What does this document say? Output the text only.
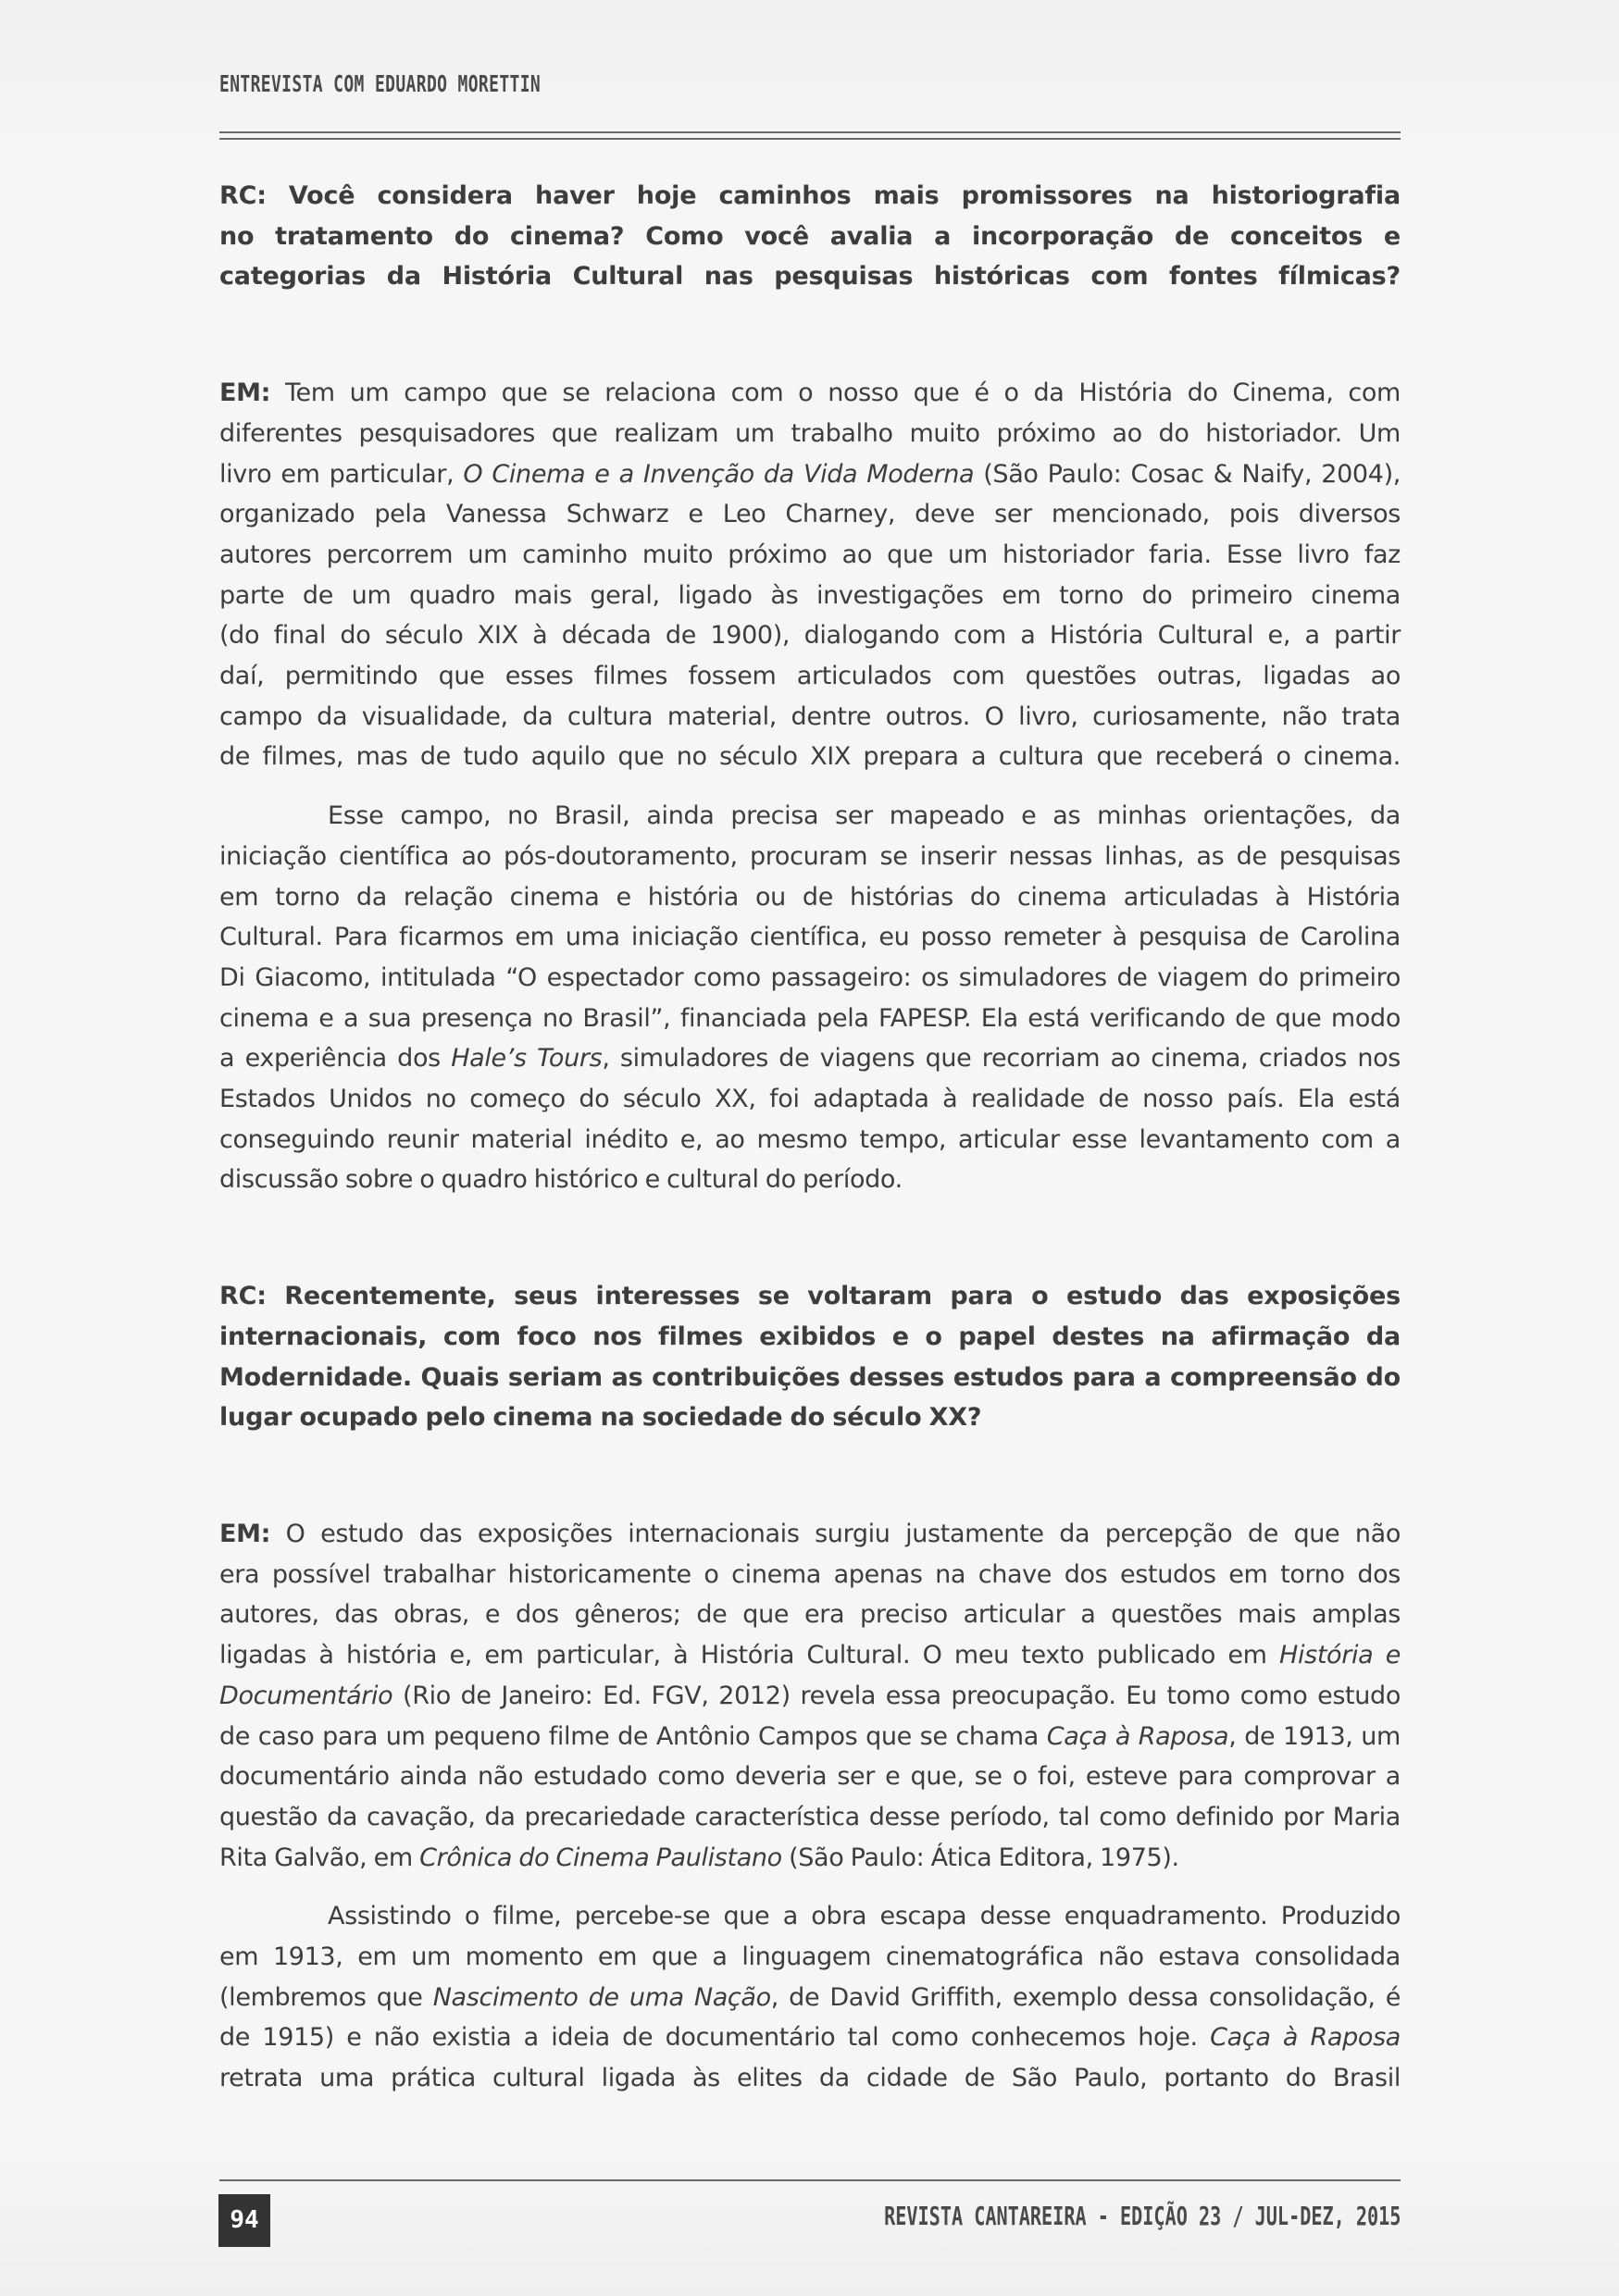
ENTREVISTA COM EDUARDO MORETTIN

RC: Você considera haver hoje caminhos mais promissores na historiografia
no tratamento do cinema? Como você avalia a incorporação de conceitos e
categorias da História Cultural nas pesquisas históricas com fontes fílmicas?

EM: Tem um campo que se relaciona com o nosso que é o da História do Cinema, com
diferentes pesquisadores que realizam um trabalho muito próximo ao do historiador. Um
livro em particular, O Cinema e a Invenção da Vida Moderna (São Paulo: Cosac & Naify, 2004),
organizado pela Vanessa Schwarz e Leo Charney, deve ser mencionado, pois diversos
autores percorrem um caminho muito próximo ao que um historiador faria. Esse livro faz
parte de um quadro mais geral, ligado às investigações em torno do primeiro cinema
(do final do século XIX à década de 1900), dialogando com a História Cultural e, a partir
daí, permitindo que esses filmes fossem articulados com questões outras, ligadas ao
campo da visualidade, da cultura material, dentre outros. O livro, curiosamente, não trata
de filmes, mas de tudo aquilo que no século XIX prepara a cultura que receberá o cinema.

Esse campo, no Brasil, ainda precisa ser mapeado e as minhas orientações, da
iniciação científica ao pós-doutoramento, procuram se inserir nessas linhas, as de pesquisas
em torno da relação cinema e história ou de histórias do cinema articuladas à História
Cultural. Para ficarmos em uma iniciação científica, eu posso remeter à pesquisa de Carolina
Di Giacomo, intitulada “O espectador como passageiro: os simuladores de viagem do primeiro
cinema e a sua presença no Brasil”, financiada pela FAPESP. Ela está verificando de que modo
a experiência dos Hale’s Tours, simuladores de viagens que recorriam ao cinema, criados nos
Estados Unidos no começo do século XX, foi adaptada à realidade de nosso país. Ela está
conseguindo reunir material inédito e, ao mesmo tempo, articular esse levantamento com a
discussão sobre o quadro histórico e cultural do período.

RC: Recentemente, seus interesses se voltaram para o estudo das exposições
internacionais, com foco nos filmes exibidos e o papel destes na afirmação da
Modernidade. Quais seriam as contribuições desses estudos para a compreensão do
lugar ocupado pelo cinema na sociedade do século XX?

EM: O estudo das exposições internacionais surgiu justamente da percepção de que não
era possível trabalhar historicamente o cinema apenas na chave dos estudos em torno dos
autores, das obras, e dos gêneros; de que era preciso articular a questões mais amplas
ligadas à história e, em particular, à História Cultural. O meu texto publicado em História e
Documentário (Rio de Janeiro: Ed. FGV, 2012) revela essa preocupação. Eu tomo como estudo
de caso para um pequeno filme de Antônio Campos que se chama Caça à Raposa, de 1913, um
documentário ainda não estudado como deveria ser e que, se o foi, esteve para comprovar a
questão da cavação, da precariedade característica desse período, tal como definido por Maria
Rita Galvão, em Crônica do Cinema Paulistano (São Paulo: Ática Editora, 1975).

Assistindo o filme, percebe-se que a obra escapa desse enquadramento. Produzido
em 1913, em um momento em que a linguagem cinematográfica não estava consolidada
(lembremos que Nascimento de uma Nação, de David Griffith, exemplo dessa consolidação, é
de 1915) e não existia a ideia de documentário tal como conhecemos hoje. Caça à Raposa
retrata uma prática cultural ligada às elites da cidade de São Paulo, portanto do Brasil

94	REVISTA CANTAREIRA - EDIÇÃO 23 / JUL-DEZ, 2015
